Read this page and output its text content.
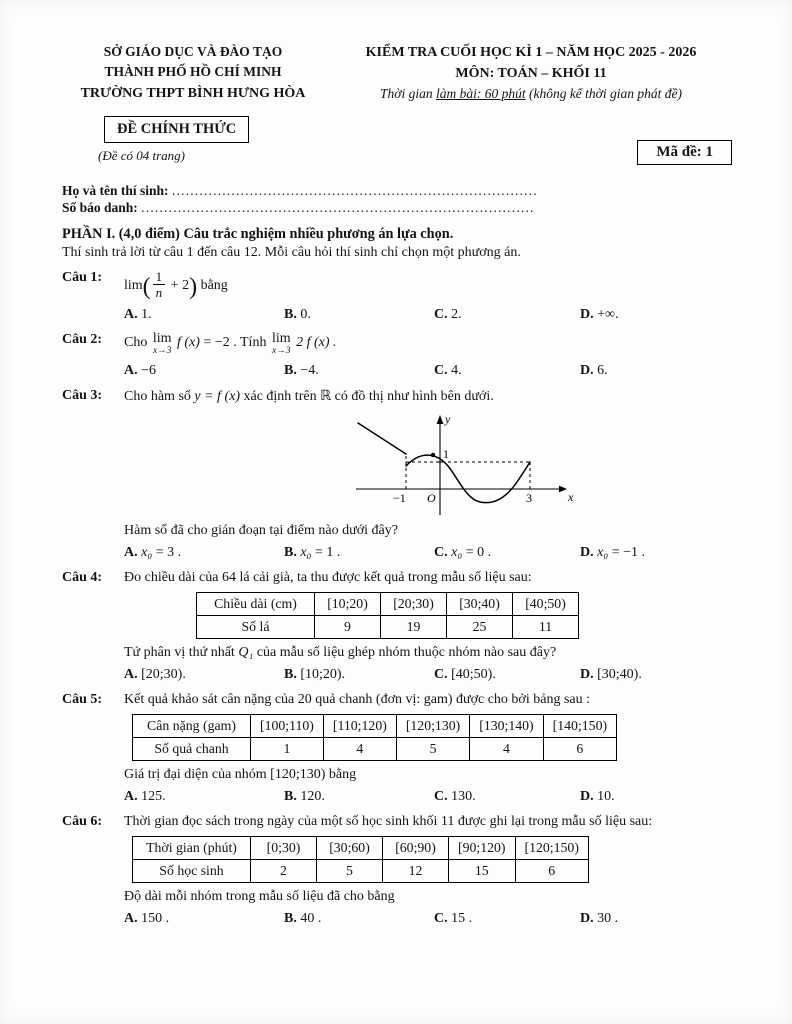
SỞ GIÁO DỤC VÀ ĐÀO TẠO
THÀNH PHỐ HỒ CHÍ MINH
TRƯỜNG THPT BÌNH HƯNG HÒA
KIỂM TRA CUỐI HỌC KÌ 1 – NĂM HỌC 2025 - 2026
MÔN: TOÁN – KHỐI 11
Thời gian làm bài: 60 phút (không kể thời gian phát đề)
ĐỀ CHÍNH THỨC
(Đề có 04 trang)	Mã đề: 1
Họ và tên thí sinh: ................................................................................
Số báo danh: ......................................................................................
PHẦN I. (4,0 điểm) Câu trắc nghiệm nhiều phương án lựa chọn.
Thí sinh trả lời từ câu 1 đến câu 12. Mỗi câu hỏi thí sinh chỉ chọn một phương án.
Câu 1:
$\lim( \frac{1}{n} + 2)$ bằng
A. 1.	B. 0.	C. 2.	D. +∞.
Câu 2:	Cho lim
x→3
f (x) = −2 . Tính lim
x→3
2 f (x) .
A. −6	B. −4.	C. 4.	D. 6.
Câu 3:	Cho hàm số y = f (x) xác định trên ℝ có đồ thị như hình bên dưới.
y
x
O
1
−1	3
Hàm số đã cho gián đoạn tại điểm nào dưới đây?
A. x₀ = 3 .	B. x₀ = 1 .	C. x₀ = 0 .	D. x₀ = −1 .
Câu 4:	Đo chiều dài của 64 lá cải già, ta thu được kết quả trong mẫu số liệu sau:
Chiều dài (cm)	[10;20)	[20;30)	[30;40)	[40;50)
Số lá	9	19	25	11
Tứ phân vị thứ nhất Q₁ của mẫu số liệu ghép nhóm thuộc nhóm nào sau đây?
A. [20;30).	B. [10;20).	C. [40;50).	D. [30;40).
Câu 5:	Kết quả khảo sát cân nặng của 20 quả chanh (đơn vị: gam) được cho bởi bảng sau :
Cân nặng (gam)	[100;110)	[110;120)	[120;130)	[130;140)	[140;150)
Số quả chanh	1	4	5	4	6
Giá trị đại diện của nhóm [120;130) bằng
A. 125.	B. 120.	C. 130.	D. 10.
Câu 6:	Thời gian đọc sách trong ngày của một số học sinh khối 11 được ghi lại trong mẫu số liệu sau:
Thời gian (phút)	[0;30)	[30;60)	[60;90)	[90;120)	[120;150)
Số học sinh	2	5	12	15	6
Độ dài mỗi nhóm trong mẫu số liệu đã cho bằng
A. 150 .	B. 40 .	C. 15 .	D. 30 .
